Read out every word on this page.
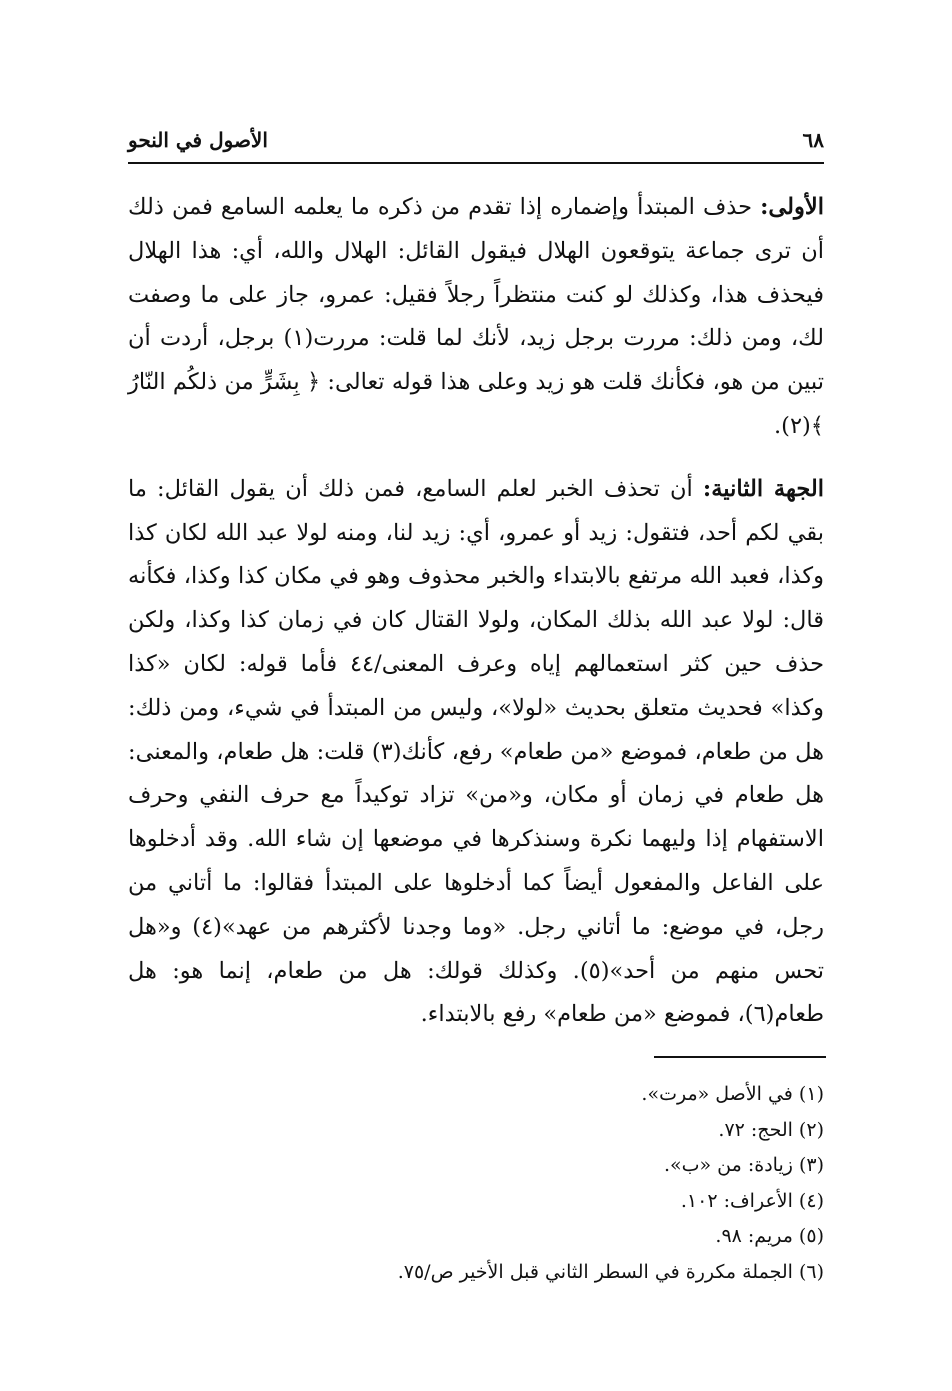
٦٨
الأصول في النحو

الأولى: حذف المبتدأ وإضماره إذا تقدم من ذكره ما يعلمه السامع فمن ذلك أن ترى جماعة يتوقعون الهلال فيقول القائل: الهلال والله، أي: هذا الهلال فيحذف هذا، وكذلك لو كنت منتظراً رجلاً فقيل: عمرو، جاز على ما وصفت لك، ومن ذلك: مررت برجل زيد، لأنك لما قلت: مررت(١) برجل، أردت أن تبين من هو، فكأنك قلت هو زيد وعلى هذا قوله تعالى: ﴿ بِشَرٍّ من ذلكُم النّارُ ﴾(٢).

الجهة الثانية: أن تحذف الخبر لعلم السامع، فمن ذلك أن يقول القائل: ما بقي لكم أحد، فتقول: زيد أو عمرو، أي: زيد لنا، ومنه لولا عبد الله لكان كذا وكذا، فعبد الله مرتفع بالابتداء والخبر محذوف وهو في مكان كذا وكذا، فكأنه قال: لولا عبد الله بذلك المكان، ولولا القتال كان في زمان كذا وكذا، ولكن حذف حين كثر استعمالهم إياه وعرف المعنى/٤٤ فأما قوله: لكان «كذا وكذا» فحديث متعلق بحديث «لولا»، وليس من المبتدأ في شيء، ومن ذلك: هل من طعام، فموضع «من طعام» رفع، كأنك(٣) قلت: هل طعام، والمعنى: هل طعام في زمان أو مكان، و«من» تزاد توكيداً مع حرف النفي وحرف الاستفهام إذا وليهما نكرة وسنذكرها في موضعها إن شاء الله. وقد أدخلوها على الفاعل والمفعول أيضاً كما أدخلوها على المبتدأ فقالوا: ما أتاني من رجل، في موضع: ما أتاني رجل. «وما وجدنا لأكثرهم من عهد»(٤) و«هل تحس منهم من أحد»(٥). وكذلك قولك: هل من طعام، إنما هو: هل طعام(٦)، فموضع «من طعام» رفع بالابتداء.

(١) في الأصل «مرت».
(٢) الحج: ٧٢.
(٣) زيادة: من «ب».
(٤) الأعراف: ١٠٢.
(٥) مريم: ٩٨.
(٦) الجملة مكررة في السطر الثاني قبل الأخير ص/٧٥.
